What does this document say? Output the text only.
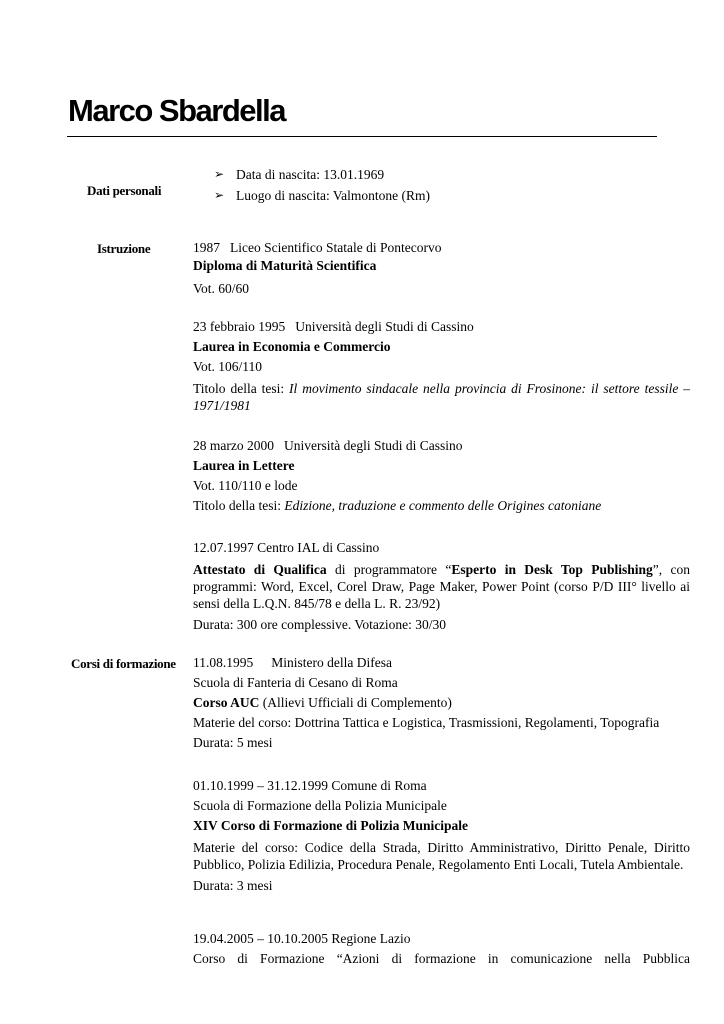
Marco Sbardella
Dati personali
➢ Data di nascita: 13.01.1969
➢ Luogo di nascita: Valmontone (Rm)
Istruzione	1987 Liceo Scientifico Statale di Pontecorvo
Diploma di Maturità Scientifica
Vot. 60/60
23 febbraio 1995 Università degli Studi di Cassino
Laurea in Economia e Commercio
Vot. 106/110
Titolo della tesi: Il movimento sindacale nella provincia di Frosinone: il settore tessile – 1971/1981
28 marzo 2000 Università degli Studi di Cassino
Laurea in Lettere
Vot. 110/110 e lode
Titolo della tesi: Edizione, traduzione e commento delle Origines catoniane
12.07.1997 Centro IAL di Cassino
Attestato di Qualifica di programmatore “Esperto in Desk Top Publishing”, con programmi: Word, Excel, Corel Draw, Page Maker, Power Point (corso P/D III° livello ai sensi della L.Q.N. 845/78 e della L. R. 23/92)
Durata: 300 ore complessive. Votazione: 30/30
Corsi di formazione 11.08.1995 Ministero della Difesa
Scuola di Fanteria di Cesano di Roma
Corso AUC (Allievi Ufficiali di Complemento)
Materie del corso: Dottrina Tattica e Logistica, Trasmissioni, Regolamenti, Topografia
Durata: 5 mesi
01.10.1999 – 31.12.1999 Comune di Roma
Scuola di Formazione della Polizia Municipale
XIV Corso di Formazione di Polizia Municipale
Materie del corso: Codice della Strada, Diritto Amministrativo, Diritto Penale, Diritto Pubblico, Polizia Edilizia, Procedura Penale, Regolamento Enti Locali, Tutela Ambientale.
Durata: 3 mesi
19.04.2005 – 10.10.2005 Regione Lazio
Corso di Formazione “Azioni di formazione in comunicazione nella Pubblica
